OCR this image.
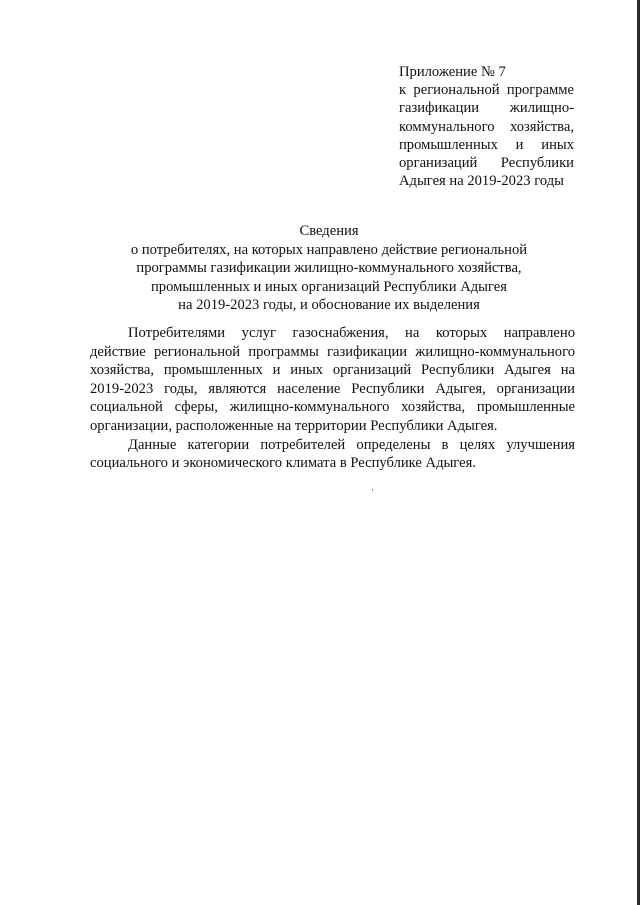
Приложение № 7
к региональной программе
газификации жилищно-
коммунального хозяйства,
промышленных и иных
организаций Республики
Адыгея на 2019-2023 годы
Сведения
о потребителях, на которых направлено действие региональной
программы газификации жилищно-коммунального хозяйства,
промышленных и иных организаций Республики Адыгея
на 2019-2023 годы, и обоснование их выделения
Потребителями услуг газоснабжения, на которых направлено
действие региональной программы газификации жилищно-коммунального
хозяйства, промышленных и иных организаций Республики Адыгея на
2019-2023 годы, являются население Республики Адыгея, организации
социальной сферы, жилищно-коммунального хозяйства, промышленные
организации, расположенные на территории Республики Адыгея.
Данные категории потребителей определены в целях улучшения
социального и экономического климата в Республике Адыгея.
